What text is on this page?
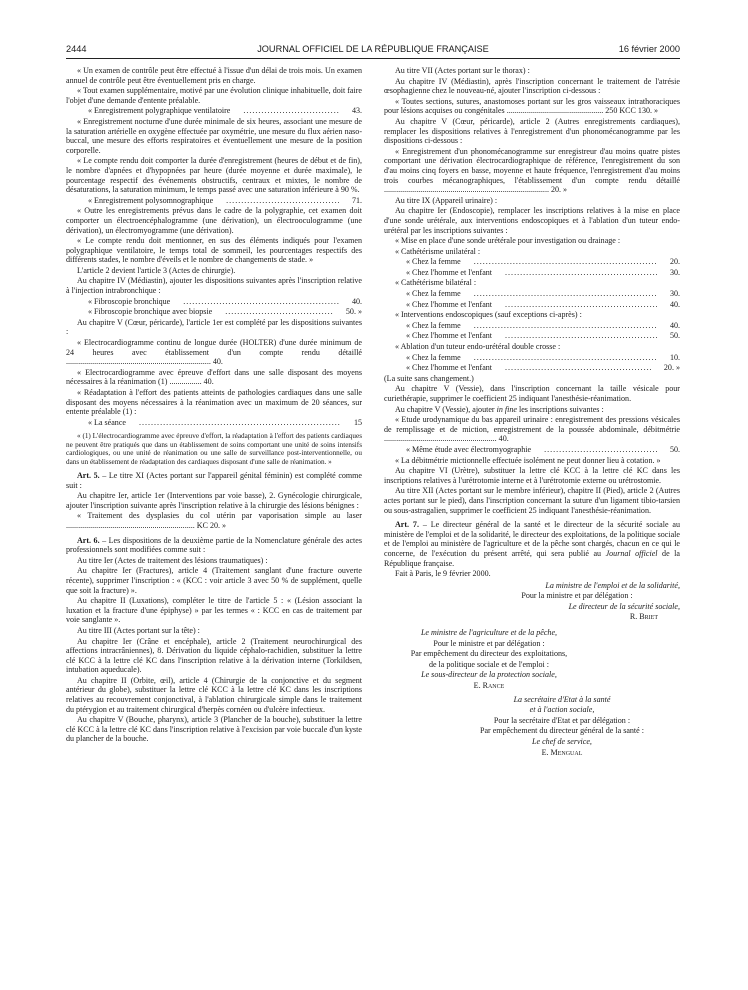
2444	JOURNAL OFFICIEL DE LA RÉPUBLIQUE FRANÇAISE	16 février 2000

« Un examen de contrôle peut être effectué à l'issue d'un délai de trois mois. Un examen annuel de contrôle peut être éventuellement pris en charge.

« Tout examen supplémentaire, motivé par une évolution clinique inhabituelle, doit faire l'objet d'une demande d'entente préalable.

« Enregistrement polygraphique ventilatoire .....	43.

« Enregistrement nocturne d'une durée minimale de six heures, associant une mesure de la saturation artérielle en oxygène effectuée par oxymétrie, une mesure du flux aérien naso-buccal, une mesure des efforts respiratoires et éventuellement une mesure de la position corporelle.

« Le compte rendu doit comporter la durée d'enregistrement (heures de début et de fin), le nombre d'apnées et d'hypopnées par heure (durée moyenne et durée maximale), le pourcentage respectif des événements obstructifs, centraux et mixtes, le nombre de désaturations, la saturation minimum, le temps passé avec une saturation inférieure à 90 %.

« Enregistrement polysomnographique .....	71.

« Outre les enregistrements prévus dans le cadre de la polygraphie, cet examen doit comporter un électroencéphalogramme (une dérivation), un électrooculogramme (une dérivation), un électromyogramme (une dérivation).

« Le compte rendu doit mentionner, en sus des éléments indiqués pour l'examen polygraphique ventilatoire, le temps total de sommeil, les pourcentages respectifs des différents stades, le nombre d'éveils et le nombre de changements de stade. »

L'article 2 devient l'article 3 (Actes de chirurgie).

Au chapitre IV (Médiastin), ajouter les dispositions suivantes après l'inscription relative à l'injection intrabronchique :

« Fibroscopie bronchique .....	40.

« Fibroscopie bronchique avec biopsie .....	50. »

Au chapitre V (Cœur, péricarde), l'article 1er est complété par les dispositions suivantes :

« Electrocardiogramme continu de longue durée (HOLTER) d'une durée minimum de 24 heures avec établissement d'un compte rendu détaillé ........................................................................ 40.

« Electrocardiogramme avec épreuve d'effort dans une salle disposant des moyens nécessaires à la réanimation (1) ................ 40.

« Réadaptation à l'effort des patients atteints de pathologies cardiaques dans une salle disposant des moyens nécessaires à la réanimation avec un maximum de 20 séances, sur entente préalable (1) :

« La séance .....	15

« (1) L'électrocardiogramme avec épreuve d'effort, la réadaptation à l'effort des patients cardiaques ne peuvent être pratiqués que dans un établissement de soins comportant une unité de soins intensifs cardiologiques, ou une unité de réanimation ou une salle de surveillance post-interventionnelle, ou dans un établissement de réadaptation des cardiaques disposant d'une salle de réanimation. »

Art. 5. – Le titre XI (Actes portant sur l'appareil génital féminin) est complété comme suit :

Au chapitre Ier, article 1er (Interventions par voie basse), 2. Gynécologie chirurgicale, ajouter l'inscription suivante après l'inscription relative à la chirurgie des lésions bénignes :

« Traitement des dysplasies du col utérin par vaporisation simple au laser ................................................................ KC 20. »

Art. 6. – Les dispositions de la deuxième partie de la Nomenclature générale des actes professionnels sont modifiées comme suit :

Au titre Ier (Actes de traitement des lésions traumatiques) :

Au chapitre Ier (Fractures), article 4 (Traitement sanglant d'une fracture ouverte récente), supprimer l'inscription : « (KCC : voir article 3 avec 50 % de supplément, quelle que soit la fracture) ».

Au chapitre II (Luxations), compléter le titre de l'article 5 : « (Lésion associant la luxation et la fracture d'une épiphyse) » par les termes « : KCC en cas de traitement par voie sanglante ».

Au titre III (Actes portant sur la tête) :

Au chapitre Ier (Crâne et encéphale), article 2 (Traitement neurochirurgical des affections intracrâniennes), 8. Dérivation du liquide céphalo-rachidien, substituer la lettre clé KCC à la lettre clé KC dans l'inscription relative à la dérivation interne (Torkildsen, intubation aqueducale).

Au chapitre II (Orbite, œil), article 4 (Chirurgie de la conjonctive et du segment antérieur du globe), substituer la lettre clé KCC à la lettre clé KC dans les inscriptions relatives au recouvrement conjonctival, à l'ablation chirurgicale simple dans le traitement du ptérygion et au traitement chirurgical d'herpès cornéen ou d'ulcère infectieux.

Au chapitre V (Bouche, pharynx), article 3 (Plancher de la bouche), substituer la lettre clé KCC à la lettre clé KC dans l'inscription relative à l'excision par voie buccale d'un kyste du plancher de la bouche.

Au titre VII (Actes portant sur le thorax) :

Au chapitre IV (Médiastin), après l'inscription concernant le traitement de l'atrésie œsophagienne chez le nouveau-né, ajouter l'inscription ci-dessous :

« Toutes sections, sutures, anastomoses portant sur les gros vaisseaux intrathoraciques pour lésions acquises ou congénitales ................................................ 250 KCC 130. »

Au chapitre V (Cœur, péricarde), article 2 (Autres enregistrements cardiaques), remplacer les dispositions relatives à l'enregistrement d'un phonomécanogramme par les dispositions ci-dessous :

« Enregistrement d'un phonomécanogramme sur enregistreur d'au moins quatre pistes comportant une dérivation électrocardiographique de référence, l'enregistrement du son d'au moins cinq foyers en basse, moyenne et haute fréquence, l'enregistrement d'au moins trois courbes mécanographiques, l'établissement d'un compte rendu détaillé .................................................................................. 20. »

Au titre IX (Appareil urinaire) :

Au chapitre Ier (Endoscopie), remplacer les inscriptions relatives à la mise en place d'une sonde urétérale, aux interventions endoscopiques et à l'ablation d'un tuteur endo-urétéral par les inscriptions suivantes :

« Mise en place d'une sonde urétérale pour investigation ou drainage :

« Cathétérisme unilatéral :

« Chez la femme .....	20.

« Chez l'homme et l'enfant .....	30.

« Cathétérisme bilatéral :

« Chez la femme .....	30.

« Chez l'homme et l'enfant .....	40.

« Interventions endoscopiques (sauf exceptions ci-après) :

« Chez la femme .....	40.

« Chez l'homme et l'enfant .....	50.

« Ablation d'un tuteur endo-urétéral double crosse :

« Chez la femme .....	10.

« Chez l'homme et l'enfant .....	20. »

(La suite sans changement.)

Au chapitre V (Vessie), dans l'inscription concernant la taille vésicale pour curiethérapie, supprimer le coefficient 25 indiquant l'anesthésie-réanimation.

Au chapitre V (Vessie), ajouter in fine les inscriptions suivantes :

« Etude urodynamique du bas appareil urinaire : enregistrement des pressions vésicales de remplissage et de miction, enregistrement de la poussée abdominale, débitmétrie ........................................................ 40.

« Même étude avec électromyographie .....	50.

« La débitmétrie mictionnelle effectuée isolément ne peut donner lieu à cotation. »

Au chapitre VI (Urètre), substituer la lettre clé KCC à la lettre clé KC dans les inscriptions relatives à l'urétrotomie interne et à l'urétrotomie externe ou urétrostomie.

Au titre XII (Actes portant sur le membre inférieur), chapitre II (Pied), article 2 (Autres actes portant sur le pied), dans l'inscription concernant la suture d'un ligament tibio-tarsien ou sous-astragalien, supprimer le coefficient 25 indiquant l'anesthésie-réanimation.

Art. 7. – Le directeur général de la santé et le directeur de la sécurité sociale au ministère de l'emploi et de la solidarité, le directeur des exploitations, de la politique sociale et de l'emploi au ministère de l'agriculture et de la pêche sont chargés, chacun en ce qui le concerne, de l'exécution du présent arrêté, qui sera publié au Journal officiel de la République française.

Fait à Paris, le 9 février 2000.

La ministre de l'emploi et de la solidarité,

Pour la ministre et par délégation :

Le directeur de la sécurité sociale,

R. Briet

Le ministre de l'agriculture et de la pêche,

Pour le ministre et par délégation :

Par empêchement du directeur des exploitations,

de la politique sociale et de l'emploi :

Le sous-directeur de la protection sociale,

E. Rance

La secrétaire d'Etat à la santé

et à l'action sociale,

Pour la secrétaire d'Etat et par délégation :

Par empêchement du directeur général de la santé :

Le chef de service,

E. Mengual
